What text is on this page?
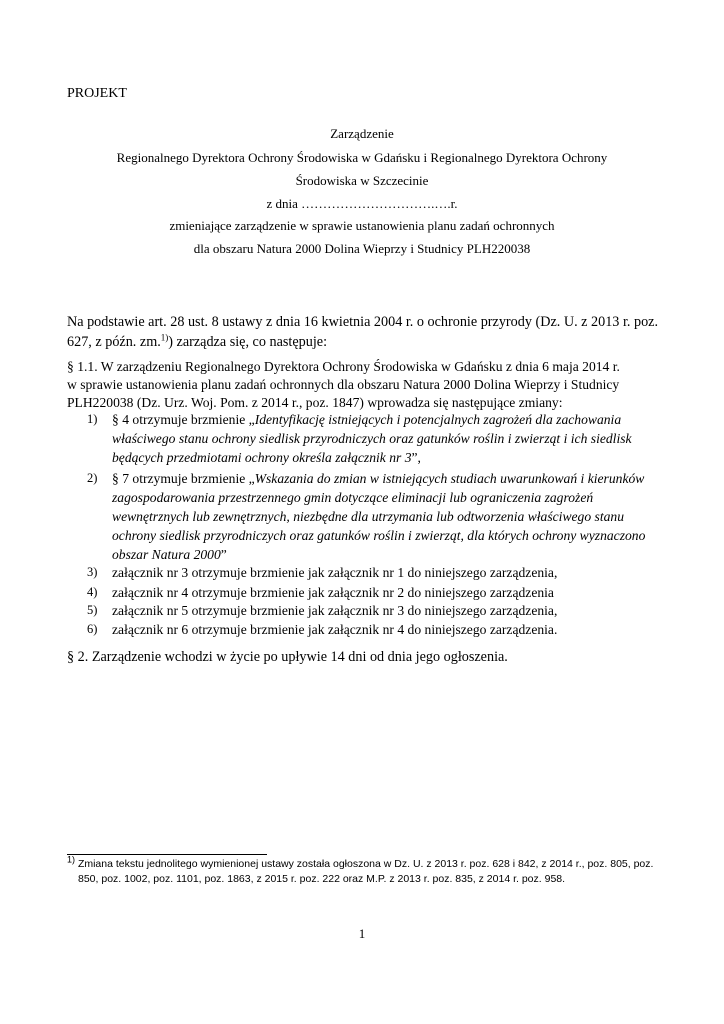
PROJEKT

Zarządzenie

Regionalnego Dyrektora Ochrony Środowiska w Gdańsku i Regionalnego Dyrektora Ochrony

Środowiska w Szczecinie

z dnia ………………………….….r.

zmieniające zarządzenie w sprawie ustanowienia planu zadań ochronnych

dla obszaru Natura 2000 Dolina Wieprzy i Studnicy PLH220038

Na podstawie art. 28 ust. 8 ustawy z dnia 16 kwietnia 2004 r. o ochronie przyrody (Dz. U. z 2013 r. poz.
627, z późn. zm.$^{1)}$) zarządza się, co następuje:
§ 1.1. W zarządzeniu Regionalnego Dyrektora Ochrony Środowiska w Gdańsku z dnia 6 maja 2014 r.
w sprawie ustanowienia planu zadań ochronnych dla obszaru Natura 2000 Dolina Wieprzy i Studnicy
PLH220038 (Dz. Urz. Woj. Pom. z 2014 r., poz. 1847) wprowadza się następujące zmiany:
1) § 4 otrzymuje brzmienie „Identyfikację istniejących i potencjalnych zagrożeń dla zachowania
właściwego stanu ochrony siedlisk przyrodniczych oraz gatunków roślin i zwierząt i ich siedlisk
będących przedmiotami ochrony określa załącznik nr 3”,
2) § 7 otrzymuje brzmienie „Wskazania do zmian w istniejących studiach uwarunkowań i kierunków
zagospodarowania przestrzennego gmin dotyczące eliminacji lub ograniczenia zagrożeń
wewnętrznych lub zewnętrznych, niezbędne dla utrzymania lub odtworzenia właściwego stanu
ochrony siedlisk przyrodniczych oraz gatunków roślin i zwierząt, dla których ochrony wyznaczono
obszar Natura 2000”
3) załącznik nr 3 otrzymuje brzmienie jak załącznik nr 1 do niniejszego zarządzenia,
4) załącznik nr 4 otrzymuje brzmienie jak załącznik nr 2 do niniejszego zarządzenia
5) załącznik nr 5 otrzymuje brzmienie jak załącznik nr 3 do niniejszego zarządzenia,
6) załącznik nr 6 otrzymuje brzmienie jak załącznik nr 4 do niniejszego zarządzenia.

§ 2. Zarządzenie wchodzi w życie po upływie 14 dni od dnia jego ogłoszenia.

1) Zmiana tekstu jednolitego wymienionej ustawy została ogłoszona w Dz. U. z 2013 r. poz. 628 i 842, z 2014 r., poz. 805, poz.
850, poz. 1002, poz. 1101, poz. 1863, z 2015 r. poz. 222 oraz M.P. z 2013 r. poz. 835, z 2014 r. poz. 958.

1
